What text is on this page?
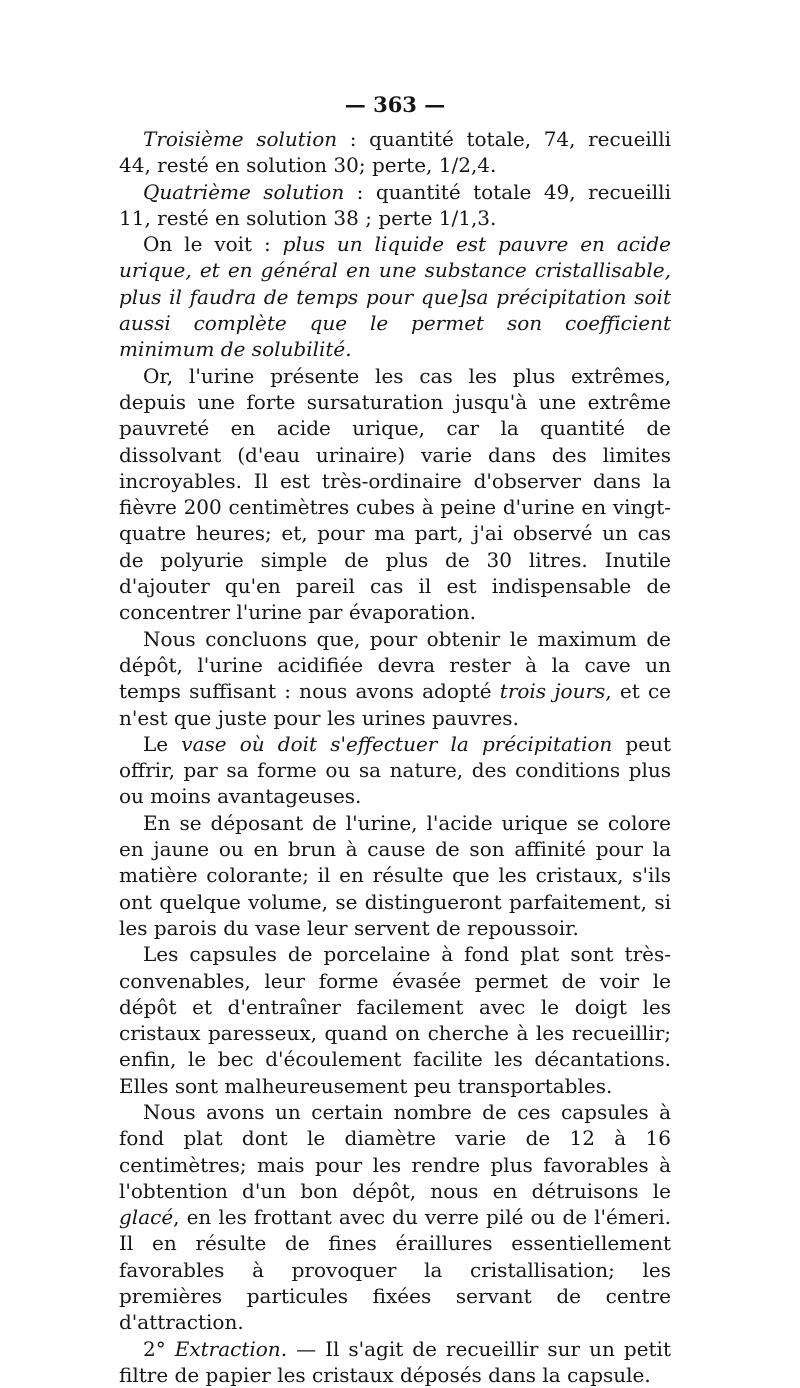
— 363 —

Troisième solution : quantité totale, 74, recueilli 44, resté en solution 30; perte, 1/2,4.

Quatrième solution : quantité totale 49, recueilli 11, resté en solution 38 ; perte 1/1,3.

On le voit : plus un liquide est pauvre en acide urique, et en général en une substance cristallisable, plus il faudra de temps pour que]sa précipitation soit aussi complète que le permet son coefficient minimum de solubilité.

Or, l'urine présente les cas les plus extrêmes, depuis une forte sursaturation jusqu'à une extrême pauvreté en acide urique, car la quantité de dissolvant (d'eau urinaire) varie dans des limites incroyables. Il est très-ordinaire d'observer dans la fièvre 200 centimètres cubes à peine d'urine en vingt-quatre heures; et, pour ma part, j'ai observé un cas de polyurie simple de plus de 30 litres. Inutile d'ajouter qu'en pareil cas il est indispensable de concentrer l'urine par évaporation.

Nous concluons que, pour obtenir le maximum de dépôt, l'urine acidifiée devra rester à la cave un temps suffisant : nous avons adopté trois jours, et ce n'est que juste pour les urines pauvres.

Le vase où doit s'effectuer la précipitation peut offrir, par sa forme ou sa nature, des conditions plus ou moins avantageuses.

En se déposant de l'urine, l'acide urique se colore en jaune ou en brun à cause de son affinité pour la matière colorante; il en résulte que les cristaux, s'ils ont quelque volume, se distingueront parfaitement, si les parois du vase leur servent de repoussoir.

Les capsules de porcelaine à fond plat sont très-convenables, leur forme évasée permet de voir le dépôt et d'entraîner facilement avec le doigt les cristaux paresseux, quand on cherche à les recueillir; enfin, le bec d'écoulement facilite les décantations. Elles sont malheureusement peu transportables.

Nous avons un certain nombre de ces capsules à fond plat dont le diamètre varie de 12 à 16 centimètres; mais pour les rendre plus favorables à l'obtention d'un bon dépôt, nous en détruisons le glacé, en les frottant avec du verre pilé ou de l'émeri. Il en résulte de fines éraillures essentiellement favorables à provoquer la cristallisation; les premières particules fixées servant de centre d'attraction.

2° Extraction. — Il s'agit de recueillir sur un petit filtre de papier les cristaux déposés dans la capsule.
